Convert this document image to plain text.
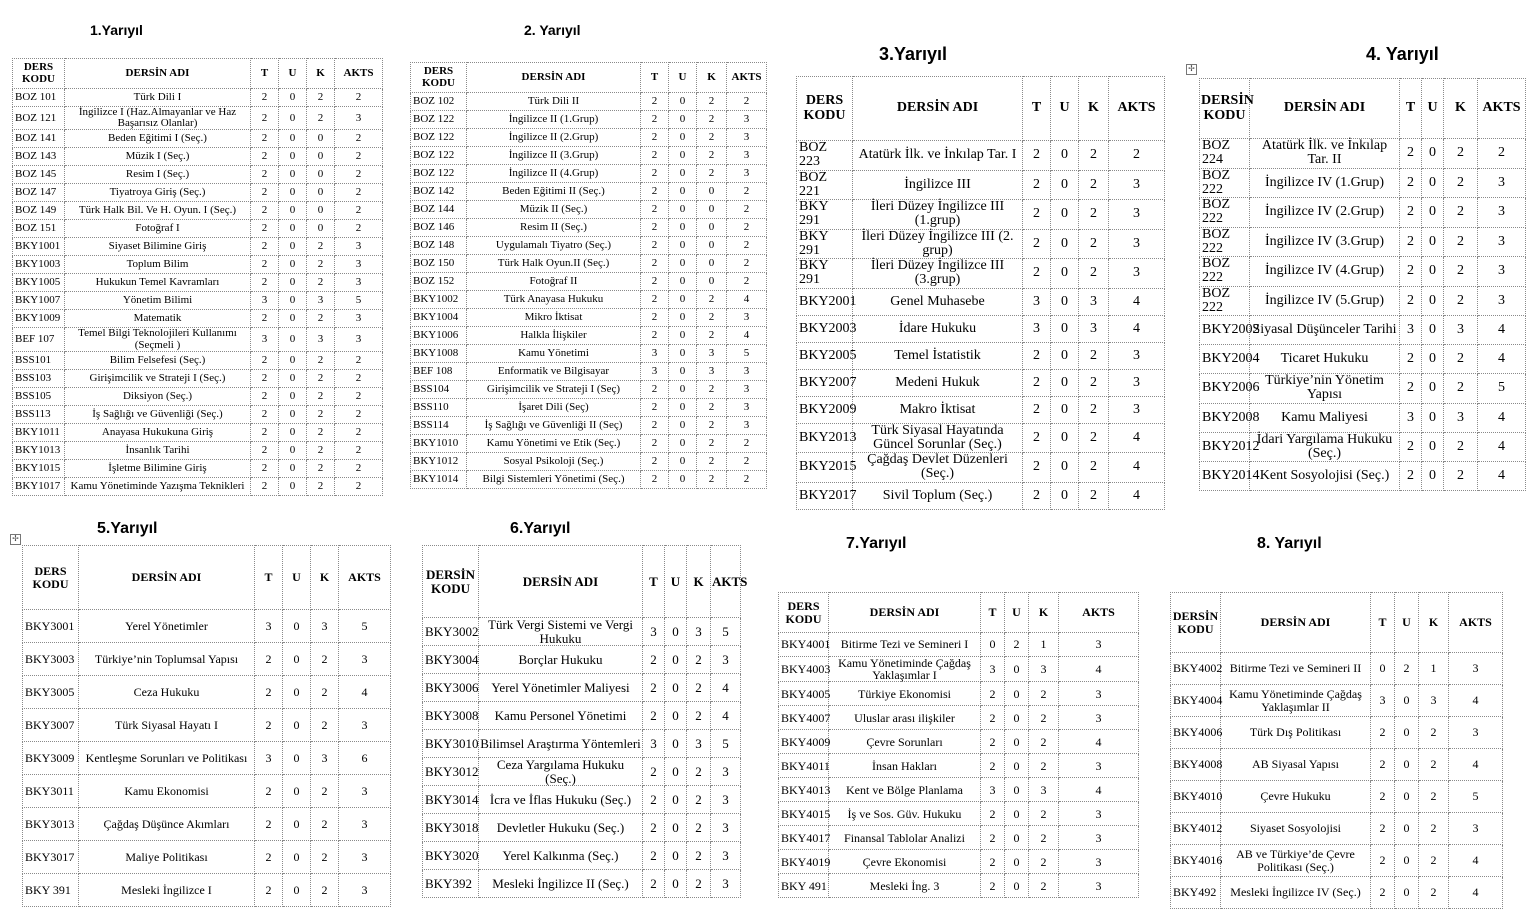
1.Yarıyıl	2. Yarıyıl
3.Yarıyıl	4. Yarıyıl
5.Yarıyıl	6.Yarıyıl
7.Yarıyıl	8. Yarıyıl
✢
✢
DERS KODU	DERSİN ADI	T	U	K	AKTS
BOZ 101	Türk Dili I	2	0	2	2
BOZ 121	İngilizce I (Haz.Almayanlar ve Haz Başarısız Olanlar)	2	0	2	3
BOZ 141	Beden Eğitimi I (Seç.)	2	0	0	2
BOZ 143	Müzik I (Seç.)	2	0	0	2
BOZ 145	Resim I (Seç.)	2	0	0	2
BOZ 147	Tiyatroya Giriş (Seç.)	2	0	0	2
BOZ 149	Türk Halk Bil. Ve H. Oyun. I (Seç.)	2	0	0	2
BOZ 151	Fotoğraf I	2	0	0	2
BKY1001	Siyaset Bilimine Giriş	2	0	2	3
BKY1003	Toplum Bilim	2	0	2	3
BKY1005	Hukukun Temel Kavramları	2	0	2	3
BKY1007	Yönetim Bilimi	3	0	3	5
BKY1009	Matematik	2	0	2	3
BEF 107	Temel Bilgi Teknolojileri Kullanımı (Seçmeli )	3	0	3	3
BSS101	Bilim Felsefesi (Seç.)	2	0	2	2
BSS103	Girişimcilik ve Strateji I (Seç.)	2	0	2	2
BSS105	Diksiyon (Seç.)	2	0	2	2
BSS113	İş Sağlığı ve Güvenliği (Seç.)	2	0	2	2
BKY1011	Anayasa Hukukuna Giriş	2	0	2	2
BKY1013	İnsanlık Tarihi	2	0	2	2
BKY1015	İşletme Bilimine Giriş	2	0	2	2
BKY1017	Kamu Yönetiminde Yazışma Teknikleri	2	0	2	2
DERS KODU	DERSİN ADI	T	U	K	AKTS
BOZ 102	Türk Dili II	2	0	2	2
BOZ 122	İngilizce II (1.Grup)	2	0	2	3
BOZ 122	İngilizce II (2.Grup)	2	0	2	3
BOZ 122	İngilizce II (3.Grup)	2	0	2	3
BOZ 122	İngilizce II (4.Grup)	2	0	2	3
BOZ 142	Beden Eğitimi II (Seç.)	2	0	0	2
BOZ 144	Müzik II (Seç.)	2	0	0	2
BOZ 146	Resim II (Seç.)	2	0	0	2
BOZ 148	Uygulamalı Tiyatro (Seç.)	2	0	0	2
BOZ 150	Türk Halk Oyun.II (Seç.)	2	0	0	2
BOZ 152	Fotoğraf II	2	0	0	2
BKY1002	Türk Anayasa Hukuku	2	0	2	4
BKY1004	Mikro İktisat	2	0	2	3
BKY1006	Halkla İlişkiler	2	0	2	4
BKY1008	Kamu Yönetimi	3	0	3	5
BEF 108	Enformatik ve Bilgisayar	3	0	3	3
BSS104	Girişimcilik ve Strateji I (Seç)	2	0	2	3
BSS110	İşaret Dili (Seç)	2	0	2	3
BSS114	İş Sağlığı ve Güvenliği II (Seç)	2	0	2	3
BKY1010	Kamu Yönetimi ve Etik (Seç.)	2	0	2	2
BKY1012	Sosyal Psikoloji (Seç.)	2	0	2	2
BKY1014	Bilgi Sistemleri Yönetimi (Seç.)	2	0	2	2
DERS KODU	DERSİN ADI	T	U	K	AKTS
BOZ 223	Atatürk İlk. ve İnkılap Tar. I	2	0	2	2
BOZ 221	İngilizce III	2	0	2	3
BKY 291	İleri Düzey İngilizce III (1.grup)	2	0	2	3
BKY 291	İleri Düzey İngilizce III (2. grup)	2	0	2	3
BKY 291	İleri Düzey İngilizce III (3.grup)	2	0	2	3
BKY2001	Genel Muhasebe	3	0	3	4
BKY2003	İdare Hukuku	3	0	3	4
BKY2005	Temel İstatistik	2	0	2	3
BKY2007	Medeni Hukuk	2	0	2	3
BKY2009	Makro İktisat	2	0	2	3
BKY2013	Türk Siyasal Hayatında Güncel Sorunlar (Seç.)	2	0	2	4
BKY2015	Çağdaş Devlet Düzenleri (Seç.)	2	0	2	4
BKY2017	Sivil Toplum (Seç.)	2	0	2	4
DERSİN KODU	DERSİN ADI	T	U	K	AKTS
BOZ 224	Atatürk İlk. ve İnkılap Tar. II	2	0	2	2
BOZ 222	İngilizce IV (1.Grup)	2	0	2	3
BOZ 222	İngilizce IV (2.Grup)	2	0	2	3
BOZ 222	İngilizce IV (3.Grup)	2	0	2	3
BOZ 222	İngilizce IV (4.Grup)	2	0	2	3
BOZ 222	İngilizce IV (5.Grup)	2	0	2	3
BKY2002	Siyasal Düşünceler Tarihi	3	0	3	4
BKY2004	Ticaret Hukuku	2	0	2	4
BKY2006	Türkiye’nin Yönetim Yapısı	2	0	2	5
BKY2008	Kamu Maliyesi	3	0	3	4
BKY2012	İdari Yargılama Hukuku (Seç.)	2	0	2	4
BKY2014	Kent Sosyolojisi (Seç.)	2	0	2	4
DERS KODU	DERSİN ADI	T	U	K	AKTS
BKY3001	Yerel Yönetimler	3	0	3	5
BKY3003	Türkiye’nin Toplumsal Yapısı	2	0	2	3
BKY3005	Ceza Hukuku	2	0	2	4
BKY3007	Türk Siyasal Hayatı I	2	0	2	3
BKY3009	Kentleşme Sorunları ve Politikası	3	0	3	6
BKY3011	Kamu Ekonomisi	2	0	2	3
BKY3013	Çağdaş Düşünce Akımları	2	0	2	3
BKY3017	Maliye Politikası	2	0	2	3
BKY 391	Mesleki İngilizce I	2	0	2	3
DERSİN KODU	DERSİN ADI	T	U	K	AKTS
BKY3002	Türk Vergi Sistemi ve Vergi Hukuku	3	0	3	5
BKY3004	Borçlar Hukuku	2	0	2	3
BKY3006	Yerel Yönetimler Maliyesi	2	0	2	4
BKY3008	Kamu Personel Yönetimi	2	0	2	4
BKY3010	Bilimsel Araştırma Yöntemleri	3	0	3	5
BKY3012	Ceza Yargılama Hukuku (Seç.)	2	0	2	3
BKY3014	İcra ve İflas Hukuku (Seç.)	2	0	2	3
BKY3018	Devletler Hukuku (Seç.)	2	0	2	3
BKY3020	Yerel Kalkınma (Seç.)	2	0	2	3
BKY392	Mesleki İngilizce II (Seç.)	2	0	2	3
DERS KODU	DERSİN ADI	T	U	K	AKTS
BKY4001	Bitirme Tezi ve Semineri I	0	2	1	3
BKY4003	Kamu Yönetiminde Çağdaş Yaklaşımlar I	3	0	3	4
BKY4005	Türkiye Ekonomisi	2	0	2	3
BKY4007	Uluslar arası ilişkiler	2	0	2	3
BKY4009	Çevre Sorunları	2	0	2	4
BKY4011	İnsan Hakları	2	0	2	3
BKY4013	Kent ve Bölge Planlama	3	0	3	4
BKY4015	İş ve Sos. Güv. Hukuku	2	0	2	3
BKY4017	Finansal Tablolar Analizi	2	0	2	3
BKY4019	Çevre Ekonomisi	2	0	2	3
BKY 491	Mesleki İng. 3	2	0	2	3
DERSİN KODU	DERSİN ADI	T	U	K	AKTS
BKY4002	Bitirme Tezi ve Semineri II	0	2	1	3
BKY4004	Kamu Yönetiminde Çağdaş Yaklaşımlar II	3	0	3	4
BKY4006	Türk Dış Politikası	2	0	2	3
BKY4008	AB Siyasal Yapısı	2	0	2	4
BKY4010	Çevre Hukuku	2	0	2	5
BKY4012	Siyaset Sosyolojisi	2	0	2	3
BKY4016	AB ve Türkiye’de Çevre Politikası (Seç.)	2	0	2	4
BKY492	Mesleki İngilizce IV (Seç.)	2	0	2	4
